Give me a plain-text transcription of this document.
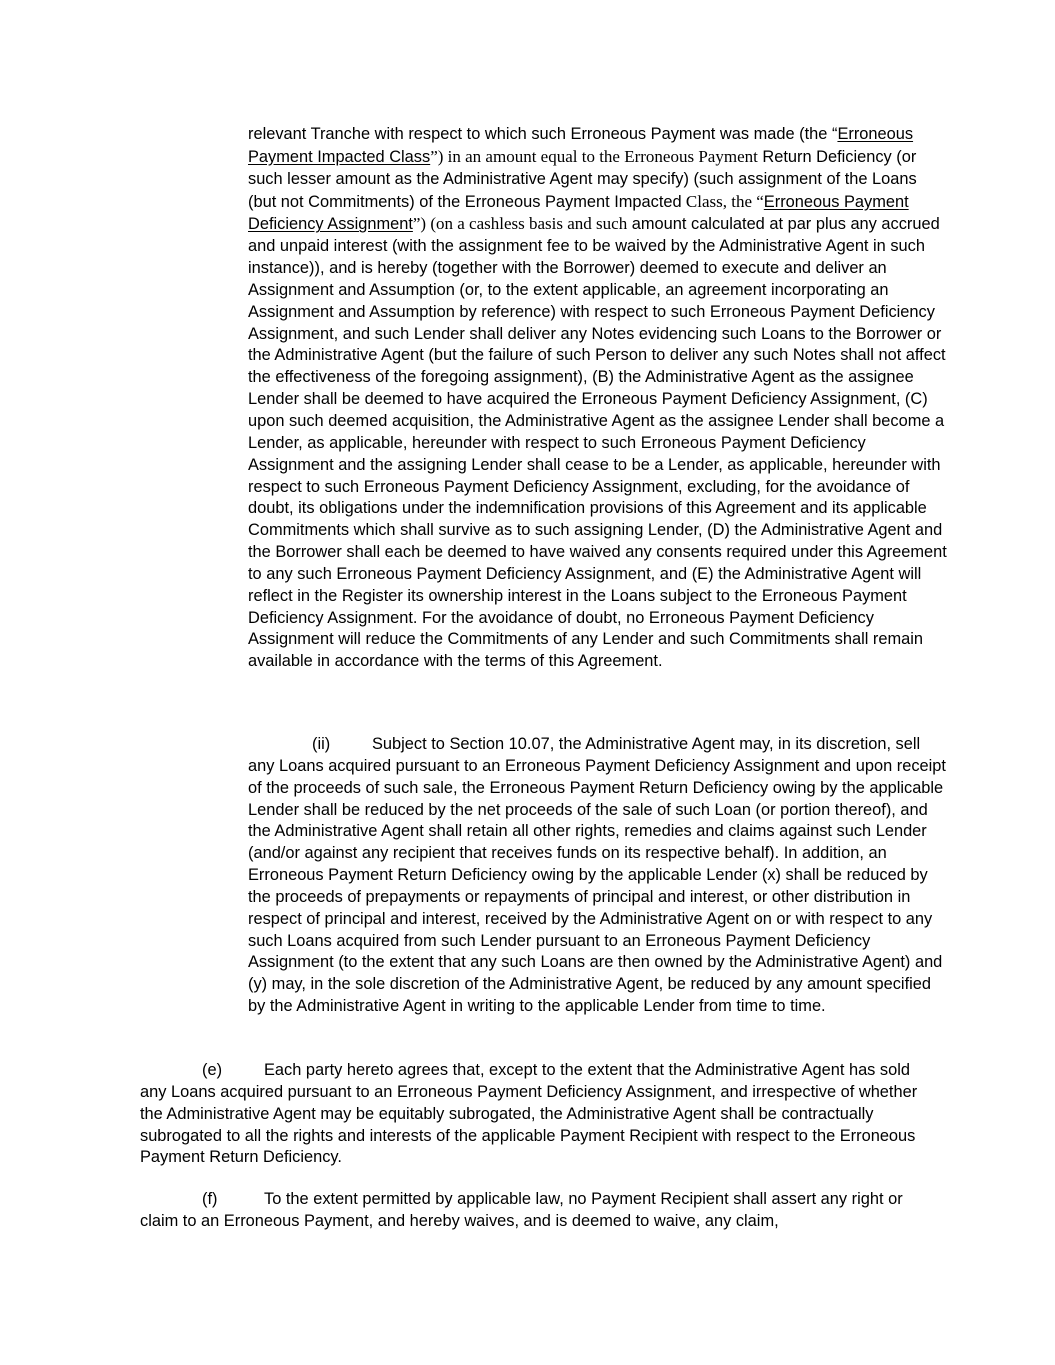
relevant Tranche with respect to which such Erroneous Payment was made (the “Erroneous Payment Impacted Class”) in an amount equal to the Erroneous Payment Return Deficiency (or such lesser amount as the Administrative Agent may specify) (such assignment of the Loans (but not Commitments) of the Erroneous Payment Impacted Class, the “Erroneous Payment Deficiency Assignment”) (on a cashless basis and such amount calculated at par plus any accrued and unpaid interest (with the assignment fee to be waived by the Administrative Agent in such instance)), and is hereby (together with the Borrower) deemed to execute and deliver an Assignment and Assumption (or, to the extent applicable, an agreement incorporating an Assignment and Assumption by reference) with respect to such Erroneous Payment Deficiency Assignment, and such Lender shall deliver any Notes evidencing such Loans to the Borrower or the Administrative Agent (but the failure of such Person to deliver any such Notes shall not affect the effectiveness of the foregoing assignment), (B) the Administrative Agent as the assignee Lender shall be deemed to have acquired the Erroneous Payment Deficiency Assignment, (C) upon such deemed acquisition, the Administrative Agent as the assignee Lender shall become a Lender, as applicable, hereunder with respect to such Erroneous Payment Deficiency Assignment and the assigning Lender shall cease to be a Lender, as applicable, hereunder with respect to such Erroneous Payment Deficiency Assignment, excluding, for the avoidance of doubt, its obligations under the indemnification provisions of this Agreement and its applicable Commitments which shall survive as to such assigning Lender, (D) the Administrative Agent and the Borrower shall each be deemed to have waived any consents required under this Agreement to any such Erroneous Payment Deficiency Assignment, and (E) the Administrative Agent will reflect in the Register its ownership interest in the Loans subject to the Erroneous Payment Deficiency Assignment. For the avoidance of doubt, no Erroneous Payment Deficiency Assignment will reduce the Commitments of any Lender and such Commitments shall remain available in accordance with the terms of this Agreement.

(ii)	Subject to Section 10.07, the Administrative Agent may, in its discretion, sell any Loans acquired pursuant to an Erroneous Payment Deficiency Assignment and upon receipt of the proceeds of such sale, the Erroneous Payment Return Deficiency owing by the applicable Lender shall be reduced by the net proceeds of the sale of such Loan (or portion thereof), and the Administrative Agent shall retain all other rights, remedies and claims against such Lender (and/or against any recipient that receives funds on its respective behalf). In addition, an Erroneous Payment Return Deficiency owing by the applicable Lender (x) shall be reduced by the proceeds of prepayments or repayments of principal and interest, or other distribution in respect of principal and interest, received by the Administrative Agent on or with respect to any such Loans acquired from such Lender pursuant to an Erroneous Payment Deficiency Assignment (to the extent that any such Loans are then owned by the Administrative Agent) and (y) may, in the sole discretion of the Administrative Agent, be reduced by any amount specified by the Administrative Agent in writing to the applicable Lender from time to time.

(e)	Each party hereto agrees that, except to the extent that the Administrative Agent has sold any Loans acquired pursuant to an Erroneous Payment Deficiency Assignment, and irrespective of whether the Administrative Agent may be equitably subrogated, the Administrative Agent shall be contractually subrogated to all the rights and interests of the applicable Payment Recipient with respect to the Erroneous Payment Return Deficiency.

(f)	To the extent permitted by applicable law, no Payment Recipient shall assert any right or claim to an Erroneous Payment, and hereby waives, and is deemed to waive, any claim,
